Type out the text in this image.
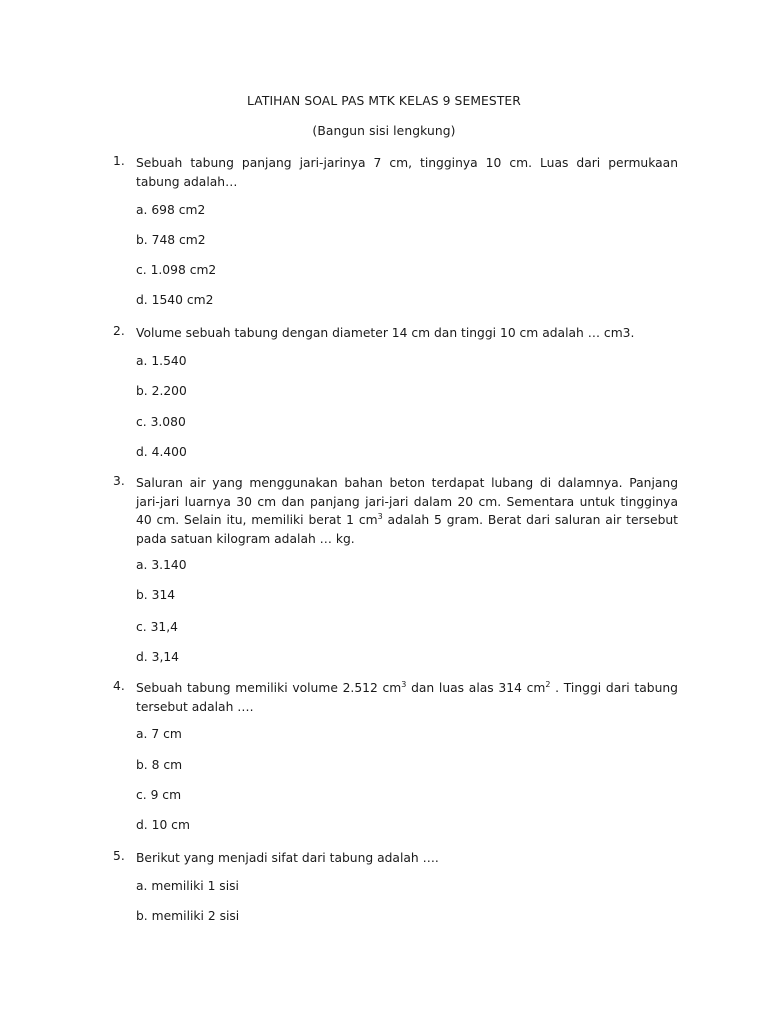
LATIHAN SOAL PAS MTK KELAS 9 SEMESTER
(Bangun sisi lengkung)
1. Sebuah tabung panjang jari-jarinya 7 cm, tingginya 10 cm. Luas dari permukaan tabung adalah…
a. 698 cm2
b. 748 cm2
c. 1.098 cm2
d. 1540 cm2
2. Volume sebuah tabung dengan diameter 14 cm dan tinggi 10 cm adalah … cm3.
a. 1.540
b. 2.200
c. 3.080
d. 4.400
3. Saluran air yang menggunakan bahan beton terdapat lubang di dalamnya. Panjang jari-jari luarnya 30 cm dan panjang jari-jari dalam 20 cm. Sementara untuk tingginya 40 cm. Selain itu, memiliki berat 1 $cm^3$ adalah 5 gram. Berat dari saluran air tersebut pada satuan kilogram adalah … kg.
a. 3.140
b. 314
c. 31,4
d. 3,14
4. Sebuah tabung memiliki volume 2.512 $cm^3$ dan luas alas 314 $cm^2$ . Tinggi dari tabung tersebut adalah ….
a. 7 cm
b. 8 cm
c. 9 cm
d. 10 cm
5. Berikut yang menjadi sifat dari tabung adalah ….
a. memiliki 1 sisi
b. memiliki 2 sisi
